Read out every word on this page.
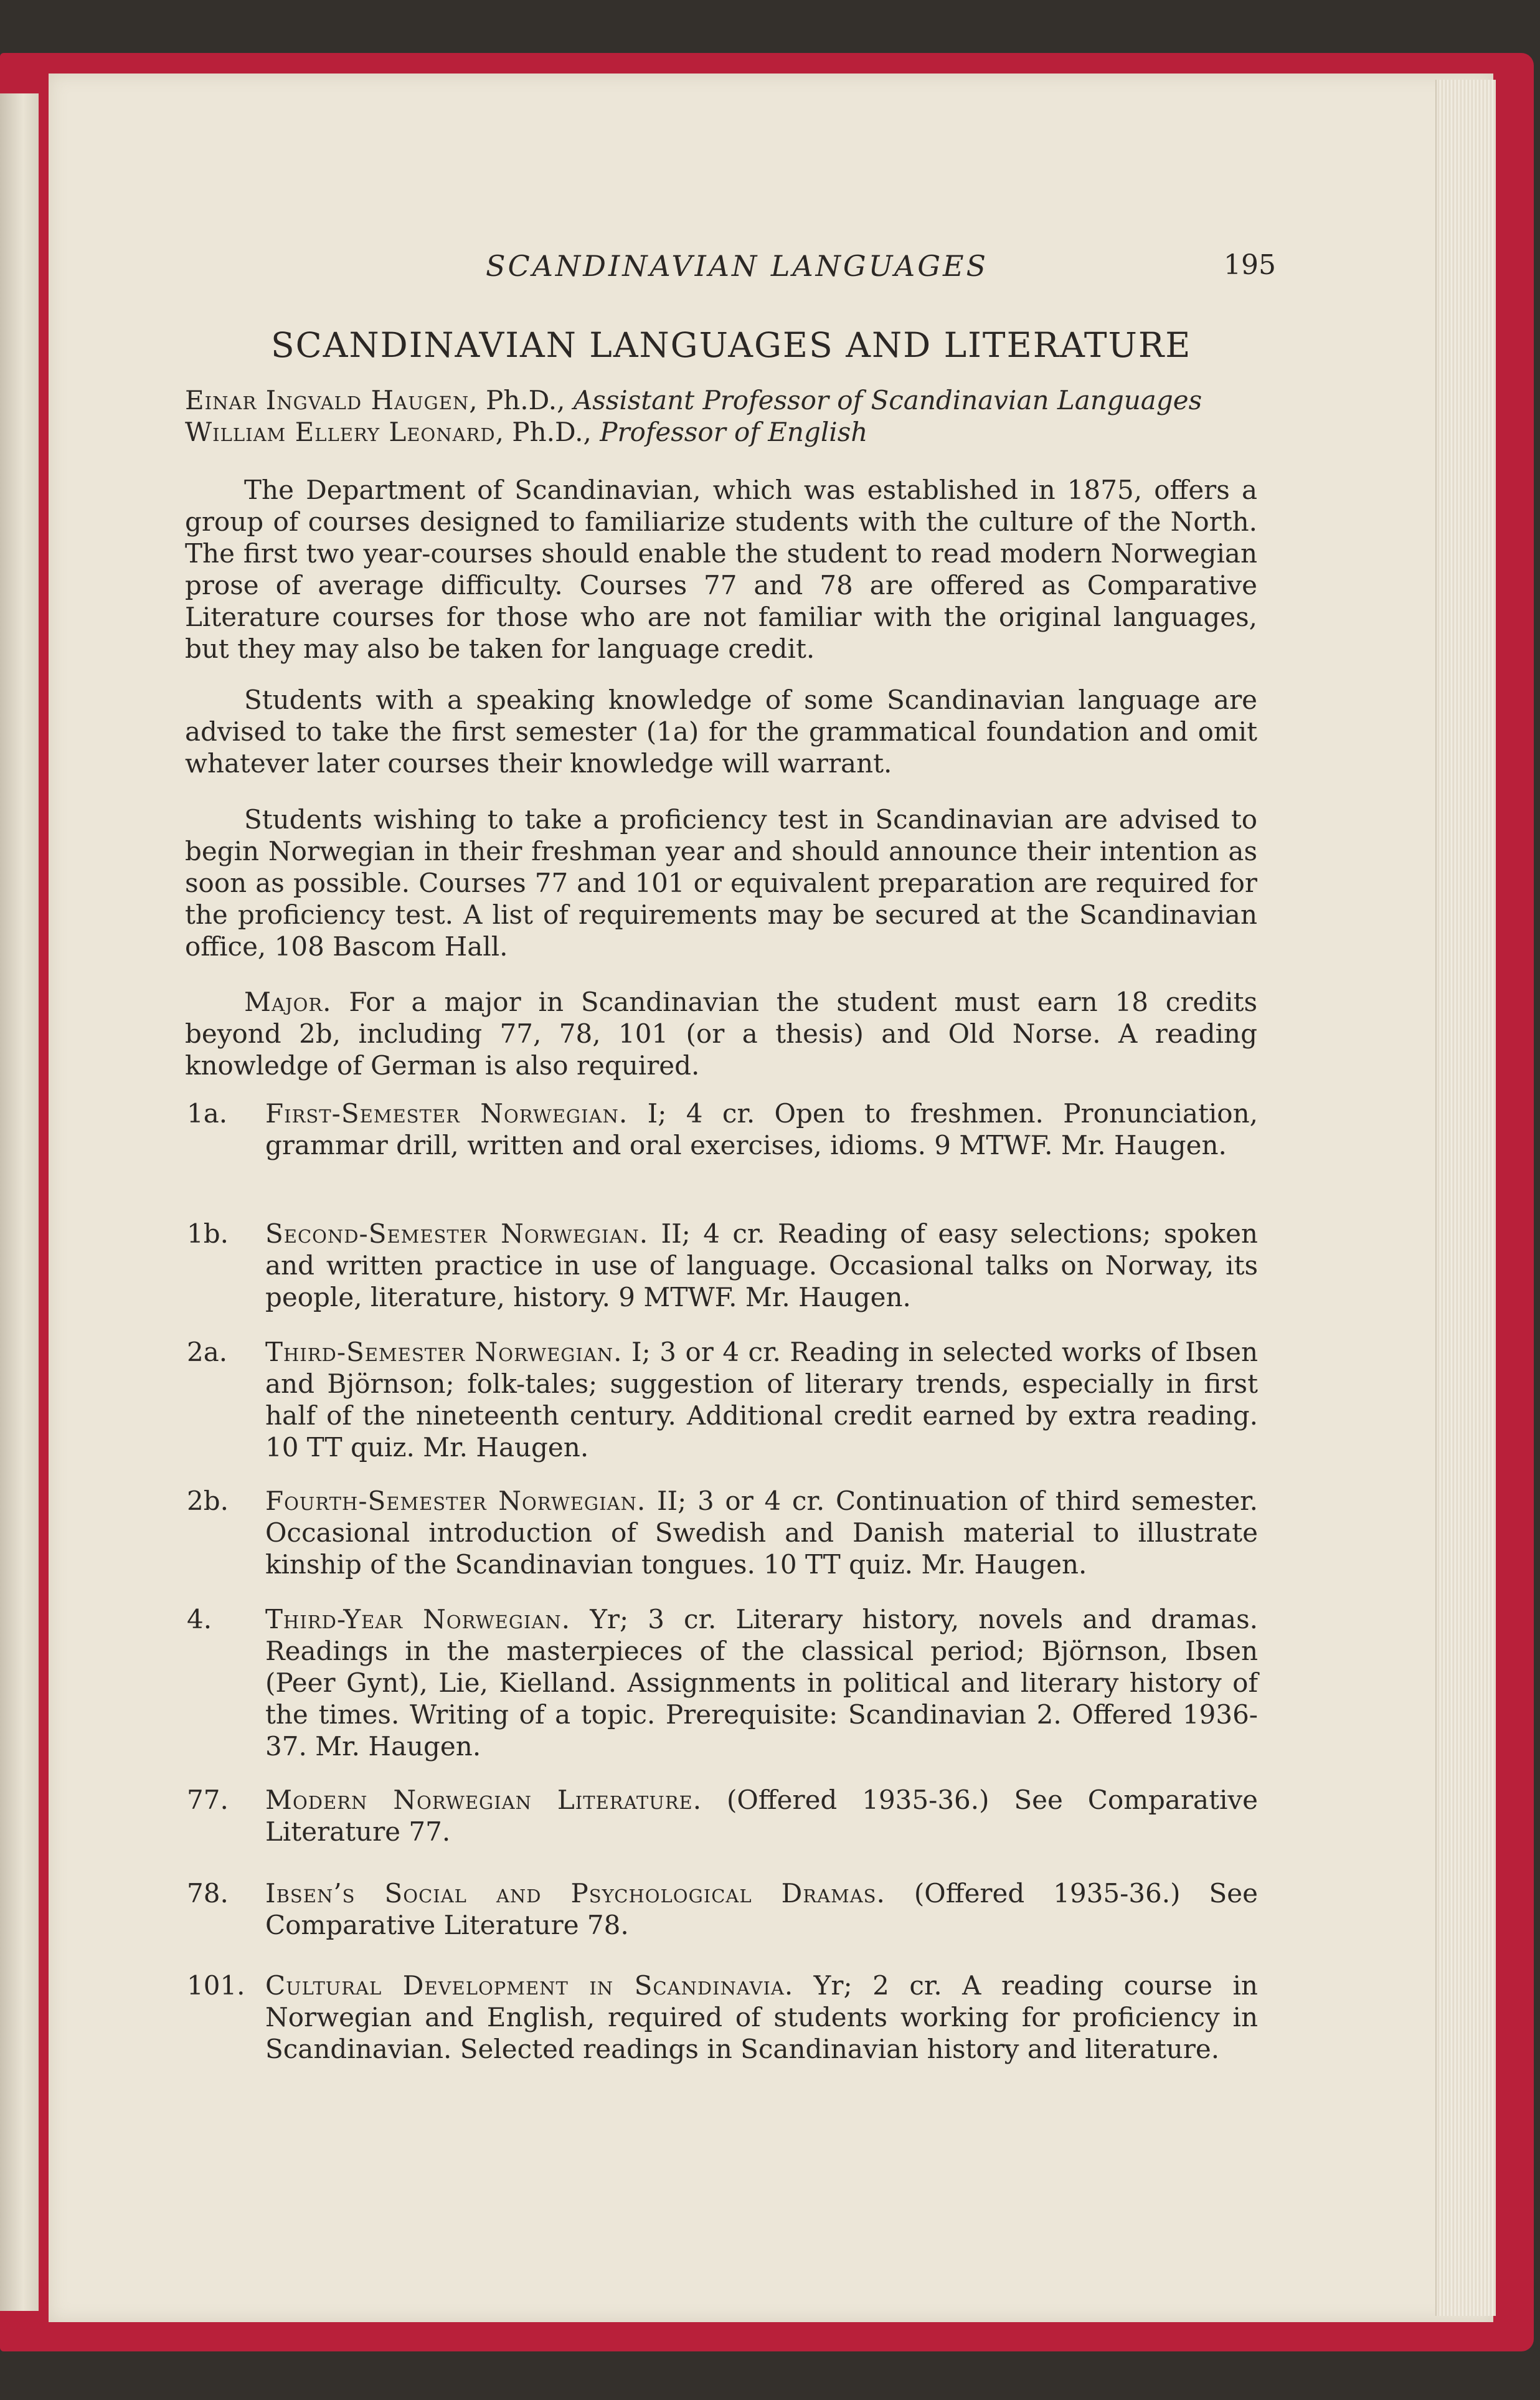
SCANDINAVIAN LANGUAGES	195
SCANDINAVIAN LANGUAGES AND LITERATURE
Einar Ingvald Haugen, Ph.D., Assistant Professor of Scandinavian Languages
William Ellery Leonard, Ph.D., Professor of English
The Department of Scandinavian, which was established in 1875, offers a group of courses designed to familiarize students with the culture of the North. The first two year-courses should enable the student to read modern Norwegian prose of average difficulty. Courses 77 and 78 are offered as Comparative Literature courses for those who are not familiar with the original languages, but they may also be taken for language credit.
Students with a speaking knowledge of some Scandinavian language are advised to take the first semester (1a) for the grammatical foundation and omit whatever later courses their knowledge will warrant.
Students wishing to take a proficiency test in Scandinavian are advised to begin Norwegian in their freshman year and should announce their intention as soon as possible. Courses 77 and 101 or equivalent preparation are required for the proficiency test. A list of requirements may be secured at the Scandinavian office, 108 Bascom Hall.
Major. For a major in Scandinavian the student must earn 18 credits beyond 2b, including 77, 78, 101 (or a thesis) and Old Norse. A reading knowledge of German is also required.
1a.	First-Semester Norwegian. I; 4 cr. Open to freshmen. Pronunciation, grammar drill, written and oral exercises, idioms. 9 MTWF. Mr. Haugen.
1b.	Second-Semester Norwegian. II; 4 cr. Reading of easy selections; spoken and written practice in use of language. Occasional talks on Norway, its people, literature, history. 9 MTWF. Mr. Haugen.
2a.	Third-Semester Norwegian. I; 3 or 4 cr. Reading in selected works of Ibsen and Björnson; folk-tales; suggestion of literary trends, especially in first half of the nineteenth century. Additional credit earned by extra reading. 10 TT quiz. Mr. Haugen.
2b.	Fourth-Semester Norwegian. II; 3 or 4 cr. Continuation of third semester. Occasional introduction of Swedish and Danish material to illustrate kinship of the Scandinavian tongues. 10 TT quiz. Mr. Haugen.
4.	Third-Year Norwegian. Yr; 3 cr. Literary history, novels and dramas. Readings in the masterpieces of the classical period; Björnson, Ibsen (Peer Gynt), Lie, Kielland. Assignments in political and literary history of the times. Writing of a topic. Prerequisite: Scandinavian 2. Offered 1936-37. Mr. Haugen.
77.	Modern Norwegian Literature. (Offered 1935-36.) See Comparative Literature 77.
78.	Ibsen’s Social and Psychological Dramas. (Offered 1935-36.) See Comparative Literature 78.
101. Cultural Development in Scandinavia. Yr; 2 cr. A reading course in Norwegian and English, required of students working for proficiency in Scandinavian. Selected readings in Scandinavian history and literature.
